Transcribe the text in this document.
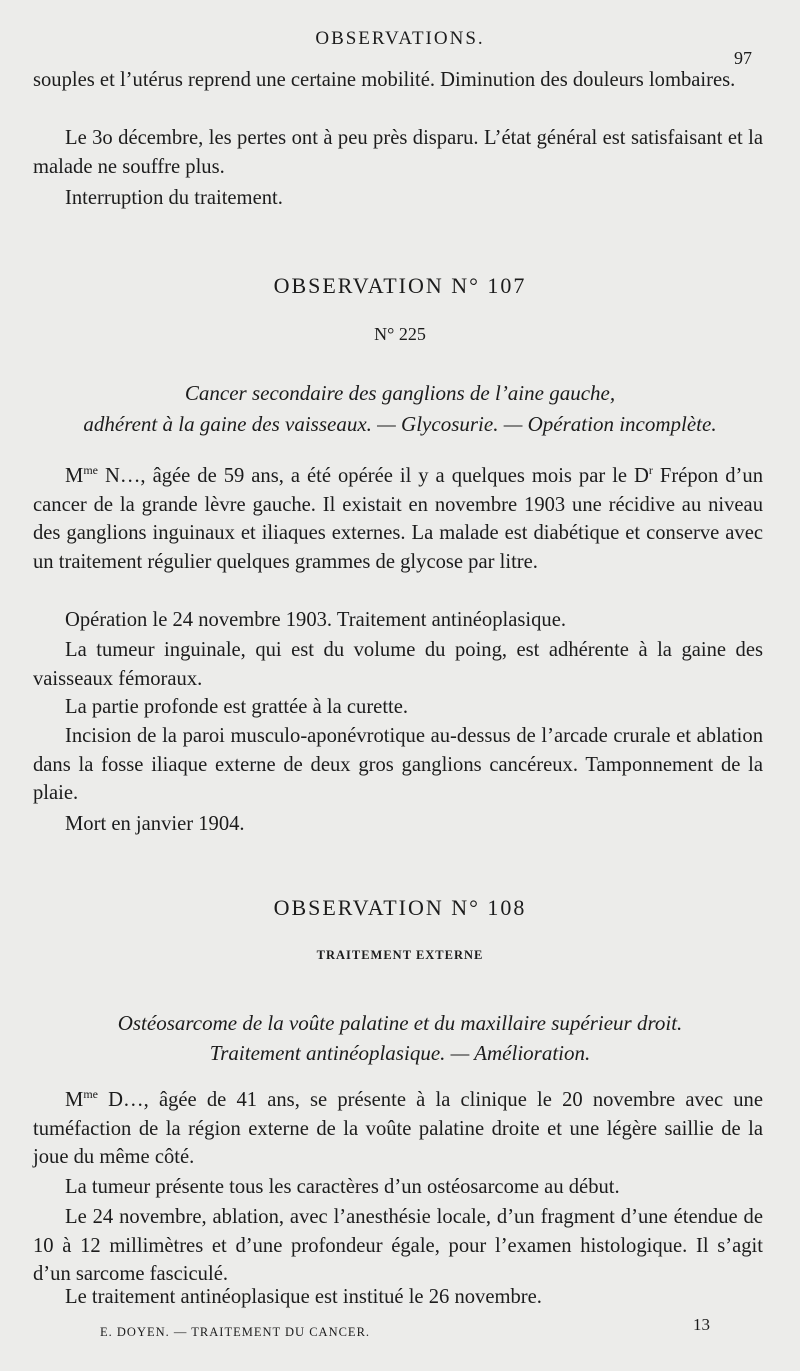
OBSERVATIONS.
97
souples et l’utérus reprend une certaine mobilité. Diminution des douleurs lombaires.
Le 3o décembre, les pertes ont à peu près disparu. L’état général est satisfaisant et la malade ne souffre plus.
Interruption du traitement.
OBSERVATION N° 107
N° 225
Cancer secondaire des ganglions de l’aine gauche,
adhérent à la gaine des vaisseaux. — Glycosurie. — Opération incomplète.
$M^{me}$ N…, âgée de 59 ans, a été opérée il y a quelques mois par le $D^r$ Frépon d’un cancer de la grande lèvre gauche. Il existait en novembre 1903 une récidive au niveau des ganglions inguinaux et iliaques externes. La malade est diabétique et conserve avec un traitement régulier quelques grammes de glycose par litre.
Opération le 24 novembre 1903. Traitement antinéoplasique.
La tumeur inguinale, qui est du volume du poing, est adhérente à la gaine des vaisseaux fémoraux.
La partie profonde est grattée à la curette.
Incision de la paroi musculo-aponévrotique au-dessus de l’arcade crurale et ablation dans la fosse iliaque externe de deux gros ganglions cancéreux. Tamponnement de la plaie.
Mort en janvier 1904.
OBSERVATION N° 108
TRAITEMENT EXTERNE
Ostéosarcome de la voûte palatine et du maxillaire supérieur droit.
Traitement antinéoplasique. — Amélioration.
$M^{me}$ D…, âgée de 41 ans, se présente à la clinique le 20 novembre avec une tuméfaction de la région externe de la voûte palatine droite et une légère saillie de la joue du même côté.
La tumeur présente tous les caractères d’un ostéosarcome au début.
Le 24 novembre, ablation, avec l’anesthésie locale, d’un fragment d’une étendue de 10 à 12 millimètres et d’une profondeur égale, pour l’examen histologique. Il s’agit d’un sarcome fasciculé.
Le traitement antinéoplasique est institué le 26 novembre.
E. DOYEN. — TRAITEMENT DU CANCER.	13
